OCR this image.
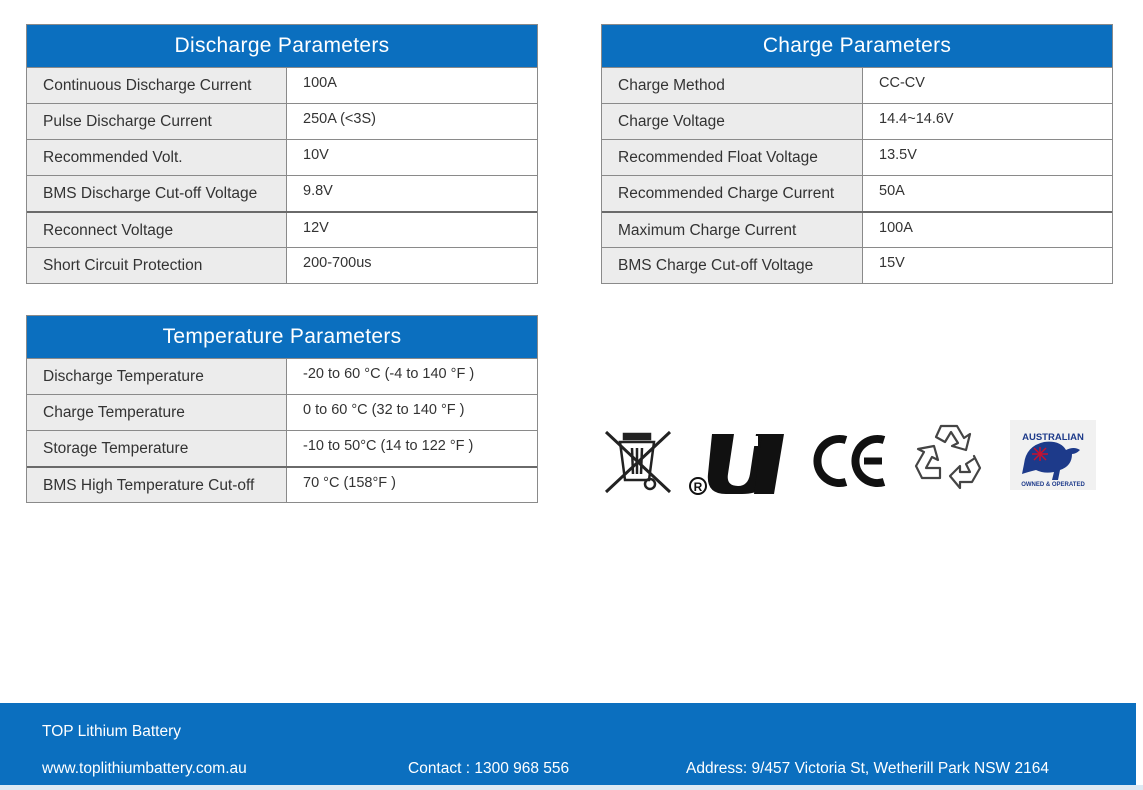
Discharge Parameters
Continuous Discharge Current	100A
Pulse Discharge Current	250A (<3S)
Recommended Volt.	10V
BMS Discharge Cut-off Voltage	9.8V
Reconnect Voltage	12V
Short Circuit Protection	200-700us
Charge Parameters
Charge Method	CC-CV
Charge Voltage	14.4~14.6V
Recommended Float Voltage	13.5V
Recommended Charge Current	50A
Maximum Charge Current	100A
BMS Charge Cut-off Voltage	15V
Temperature Parameters
Discharge Temperature	-20 to 60 °C (-4 to 140 °F )
Charge Temperature	0 to 60 °C (32 to 140 °F )
Storage Temperature	-10 to 50°C (14 to 122 °F )
BMS High Temperature Cut-off	70 °C (158°F )	R
AUSTRALIAN
OWNED & OPERATED
TOP Lithium Battery
www.toplithiumbattery.com.au	Contact : 1300 968 556	Address: 9/457 Victoria St, Wetherill Park NSW 2164
